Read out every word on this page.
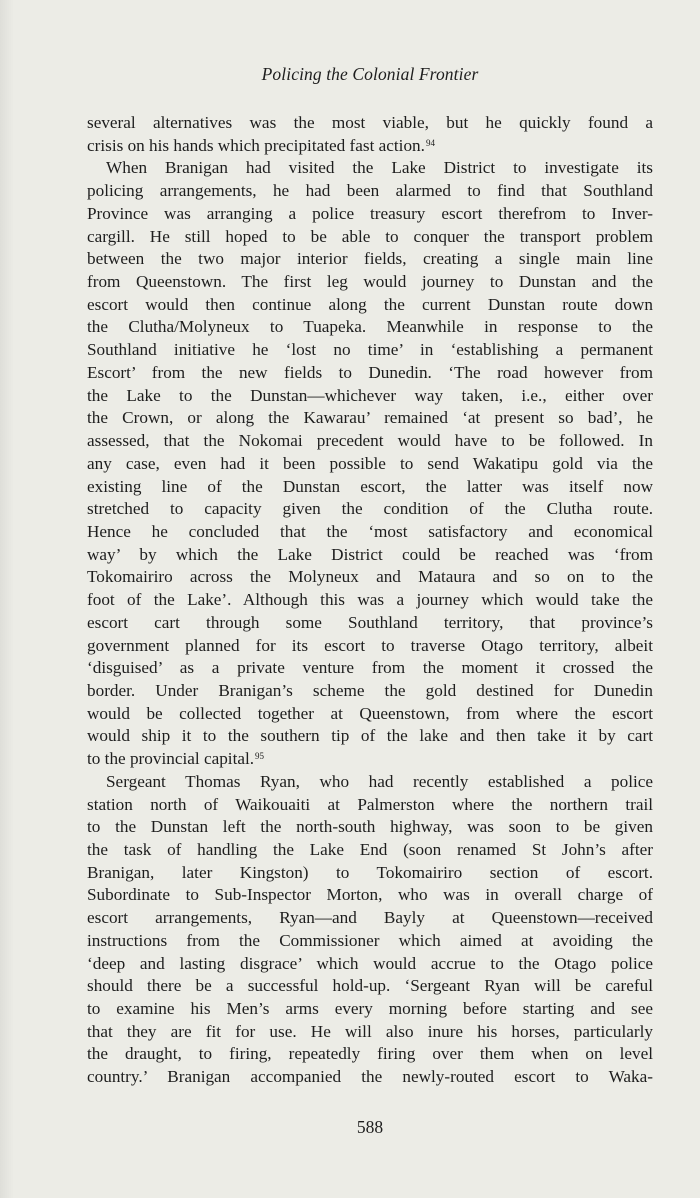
Policing the Colonial Frontier
several alternatives was the most viable, but he quickly found a
crisis on his hands which precipitated fast action.$^{94}$
When Branigan had visited the Lake District to investigate its
policing arrangements, he had been alarmed to find that Southland
Province was arranging a police treasury escort therefrom to Inver-
cargill. He still hoped to be able to conquer the transport problem
between the two major interior fields, creating a single main line
from Queenstown. The first leg would journey to Dunstan and the
escort would then continue along the current Dunstan route down
the Clutha/Molyneux to Tuapeka. Meanwhile in response to the
Southland initiative he ‘lost no time’ in ‘establishing a permanent
Escort’ from the new fields to Dunedin. ‘The road however from
the Lake to the Dunstan—whichever way taken, i.e., either over
the Crown, or along the Kawarau’ remained ‘at present so bad’, he
assessed, that the Nokomai precedent would have to be followed. In
any case, even had it been possible to send Wakatipu gold via the
existing line of the Dunstan escort, the latter was itself now
stretched to capacity given the condition of the Clutha route.
Hence he concluded that the ‘most satisfactory and economical
way’ by which the Lake District could be reached was ‘from
Tokomairiro across the Molyneux and Mataura and so on to the
foot of the Lake’. Although this was a journey which would take the
escort cart through some Southland territory, that province’s
government planned for its escort to traverse Otago territory, albeit
‘disguised’ as a private venture from the moment it crossed the
border. Under Branigan’s scheme the gold destined for Dunedin
would be collected together at Queenstown, from where the escort
would ship it to the southern tip of the lake and then take it by cart
to the provincial capital.$^{95}$
Sergeant Thomas Ryan, who had recently established a police
station north of Waikouaiti at Palmerston where the northern trail
to the Dunstan left the north-south highway, was soon to be given
the task of handling the Lake End (soon renamed St John’s after
Branigan, later Kingston) to Tokomairiro section of escort.
Subordinate to Sub-Inspector Morton, who was in overall charge of
escort arrangements, Ryan—and Bayly at Queenstown—received
instructions from the Commissioner which aimed at avoiding the
‘deep and lasting disgrace’ which would accrue to the Otago police
should there be a successful hold-up. ‘Sergeant Ryan will be careful
to examine his Men’s arms every morning before starting and see
that they are fit for use. He will also inure his horses, particularly
the draught, to firing, repeatedly firing over them when on level
country.’ Branigan accompanied the newly-routed escort to Waka-
588
